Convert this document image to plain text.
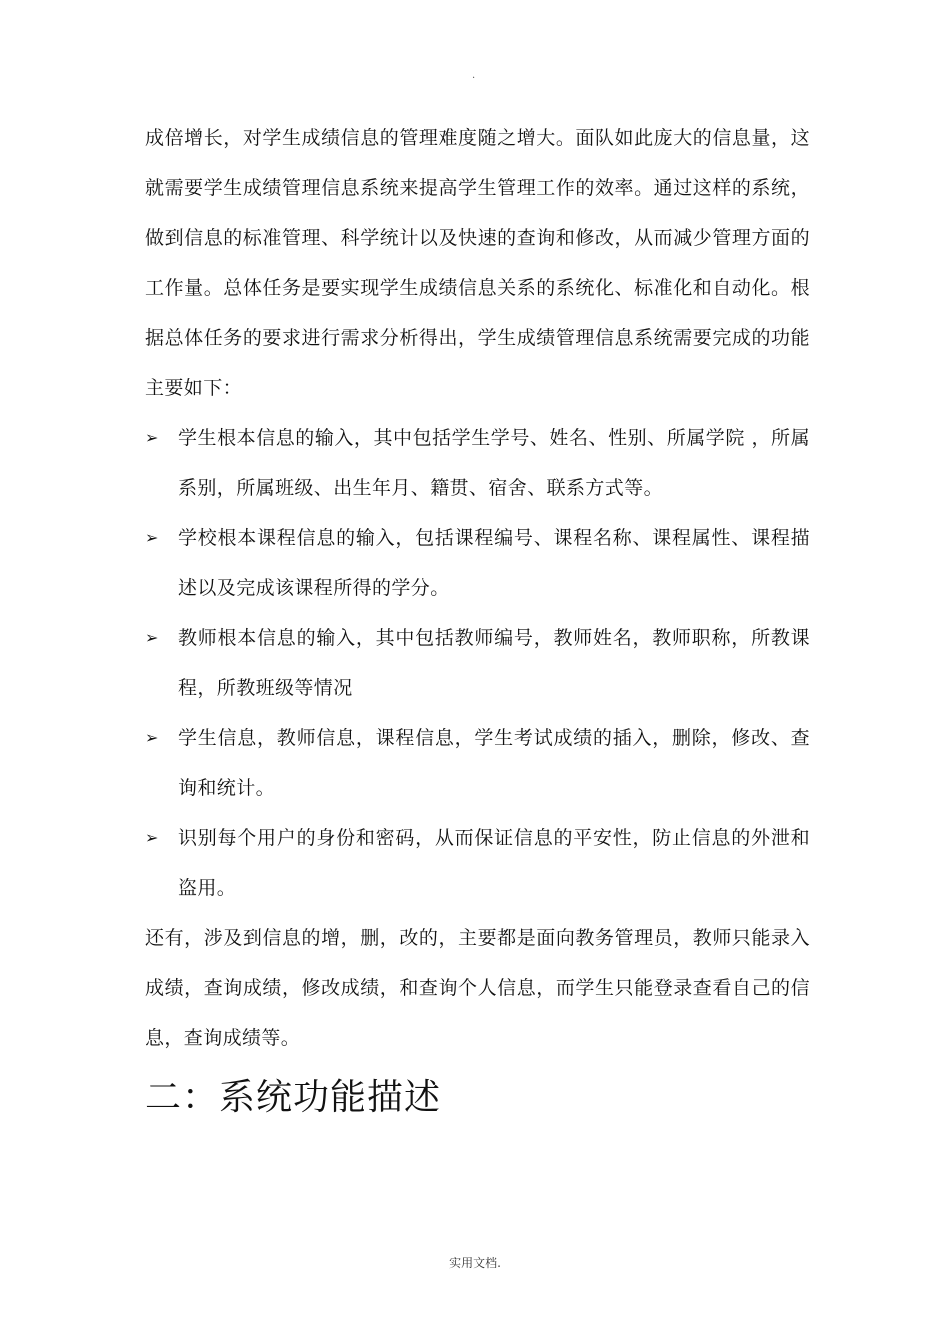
.

成倍增长，对学生成绩信息的管理难度随之增大。面队如此庞大的信息量，这就需要学生成绩管理信息系统来提高学生管理工作的效率。通过这样的系统，做到信息的标准管理、科学统计以及快速的查询和修改，从而减少管理方面的工作量。总体任务是要实现学生成绩信息关系的系统化、标准化和自动化。根据总体任务的要求进行需求分析得出，学生成绩管理信息系统需要完成的功能主要如下：

➢ 学生根本信息的输入，其中包括学生学号、姓名、性别、所属学院 ，所属系别，所属班级、出生年月、籍贯、宿舍、联系方式等。
➢ 学校根本课程信息的输入，包括课程编号、课程名称、课程属性、课程描述以及完成该课程所得的学分。
➢ 教师根本信息的输入，其中包括教师编号，教师姓名，教师职称，所教课程，所教班级等情况
➢ 学生信息，教师信息，课程信息，学生考试成绩的插入，删除，修改、查询和统计。
➢ 识别每个用户的身份和密码，从而保证信息的平安性，防止信息的外泄和盗用。

还有，涉及到信息的增，删，改的，主要都是面向教务管理员，教师只能录入成绩，查询成绩，修改成绩，和查询个人信息，而学生只能登录查看自己的信息，查询成绩等。

二：系统功能描述
实用文档.
